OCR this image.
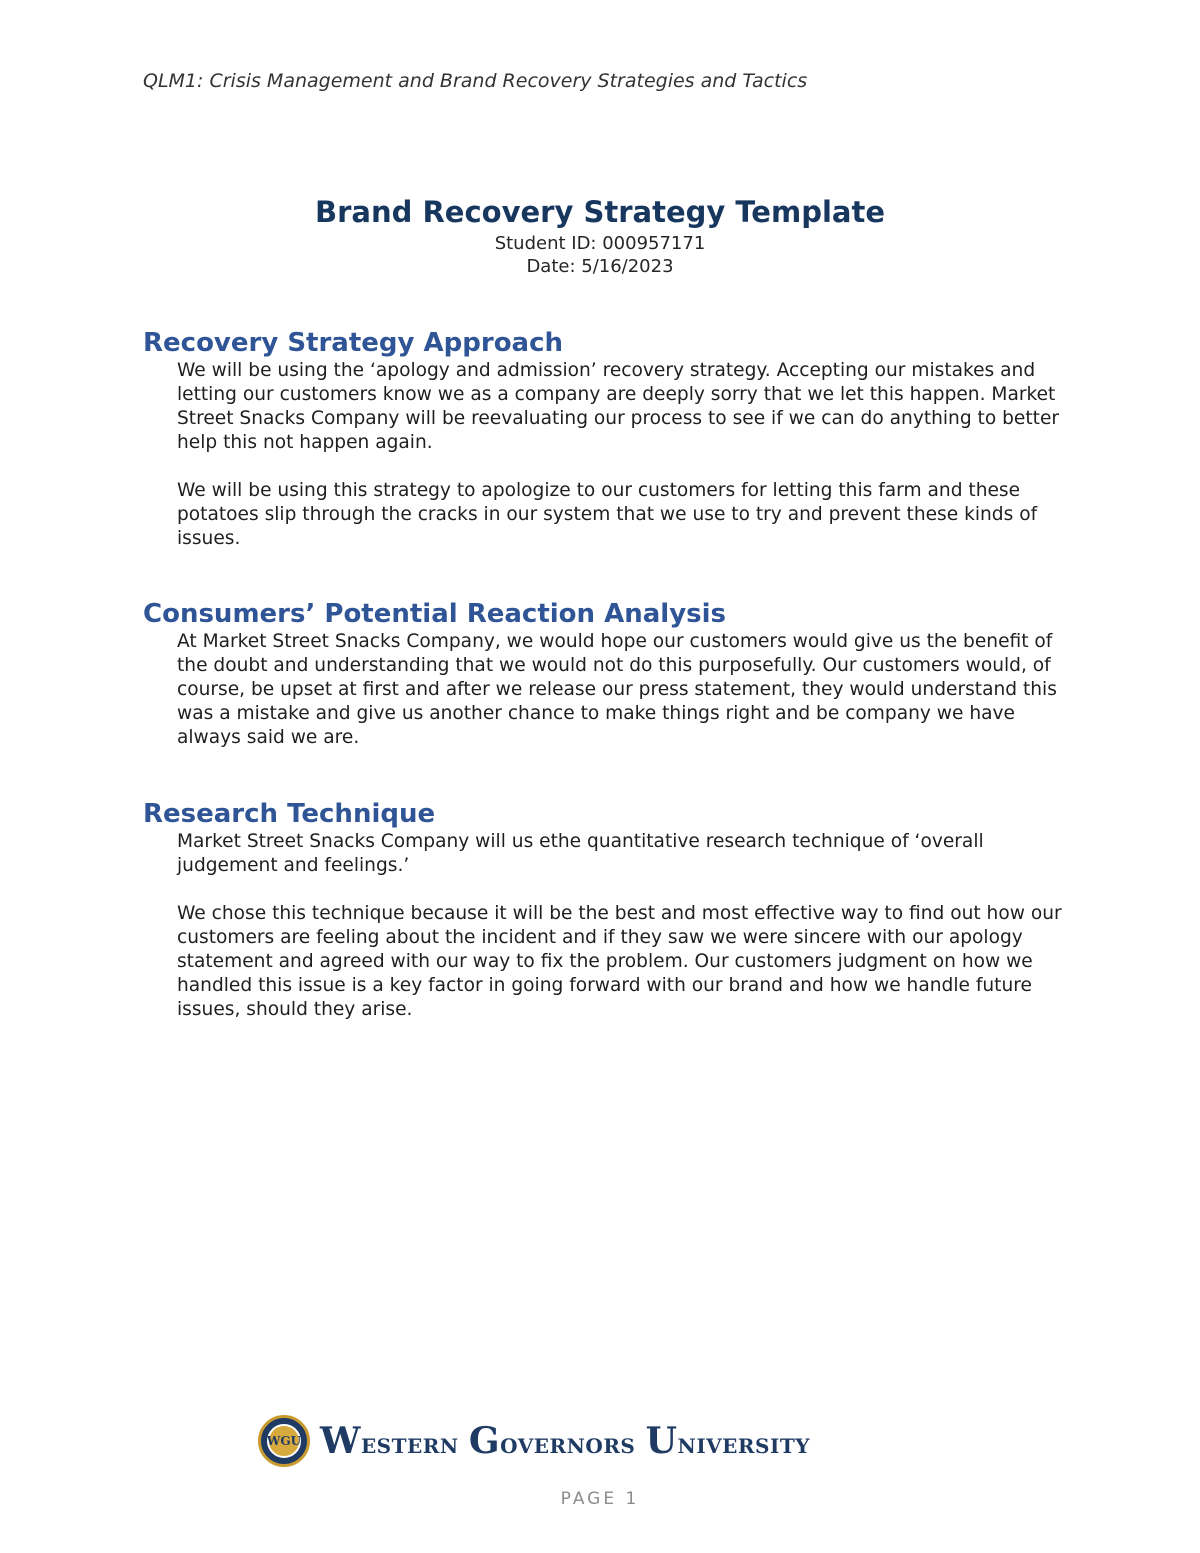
QLM1: Crisis Management and Brand Recovery Strategies and Tactics
Brand Recovery Strategy Template
Student ID: 000957171
Date: 5/16/2023
Recovery Strategy Approach

We will be using the ‘apology and admission’ recovery strategy. Accepting our mistakes and letting our customers know we as a company are deeply sorry that we let this happen. Market Street Snacks Company will be reevaluating our process to see if we can do anything to better help this not happen again.

We will be using this strategy to apologize to our customers for letting this farm and these potatoes slip through the cracks in our system that we use to try and prevent these kinds of issues.

Consumers’ Potential Reaction Analysis

At Market Street Snacks Company, we would hope our customers would give us the benefit of the doubt and understanding that we would not do this purposefully. Our customers would, of course, be upset at first and after we release our press statement, they would understand this was a mistake and give us another chance to make things right and be company we have always said we are.

Research Technique

Market Street Snacks Company will us ethe quantitative research technique of ‘overall judgement and feelings.’

We chose this technique because it will be the best and most effective way to find out how our customers are feeling about the incident and if they saw we were sincere with our apology statement and agreed with our way to fix the problem. Our customers judgment on how we handled this issue is a key factor in going forward with our brand and how we handle future issues, should they arise.

WGU Western Governors University
PAGE 1
